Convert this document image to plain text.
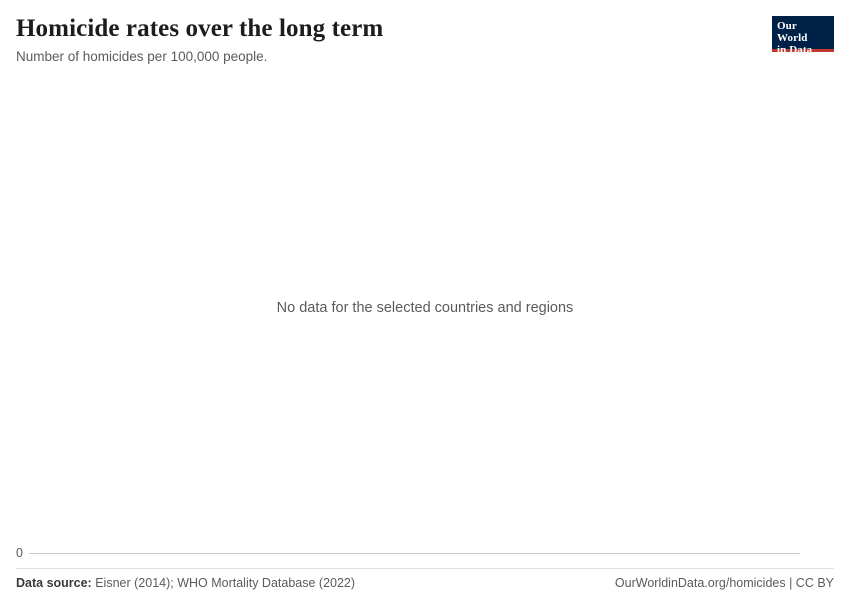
Homicide rates over the long term

Number of homicides per 100,000 people.

Our World
in Data
No data for the selected countries and regions
0
Data source: Eisner (2014); WHO Mortality Database (2022)	OurWorldinData.org/homicides | CC BY
